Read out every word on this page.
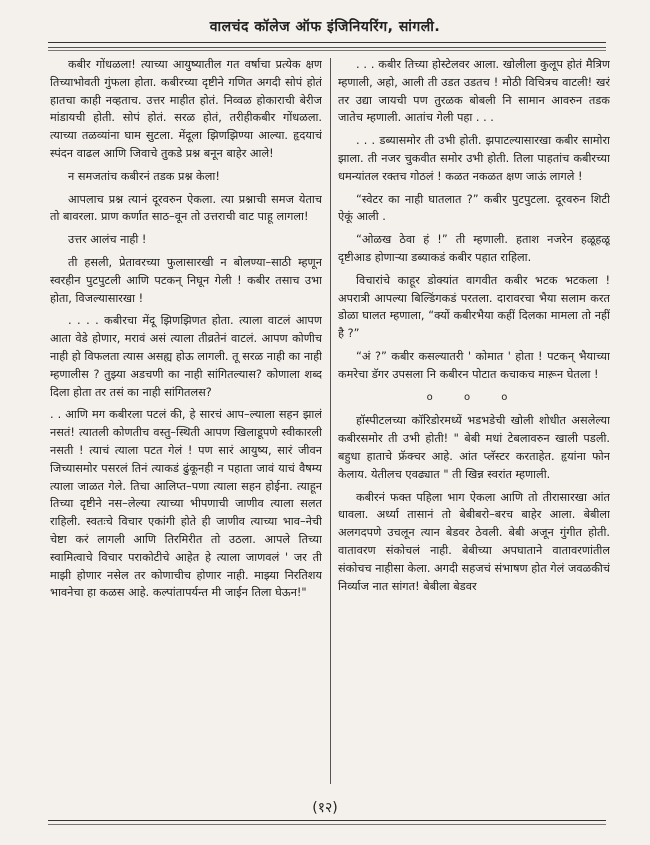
वालचंद कॉलेज ऑफ इंजिनियरिंग, सांगली.

कबीर गोंधळला! त्याच्या आयुष्यातील गत वर्षाचा प्रत्येक क्षण तिच्याभोवती गुंफला होता. कबीरच्या दृष्टीने गणित अगदी सोपं होतं हातचा काही नव्हताच. उत्तर माहीत होतं. निव्वळ होकाराची बेरीज मांडायची होती. सोपं होतं. सरळ होतं, तरीहीकबीर गोंधळला. त्याच्या तळव्यांना घाम सुटला. मेंदूला झिणझिण्या आल्या. हृदयाचं स्पंदन वाढल आणि जिवाचे तुकडे प्रश्न बनून बाहेर आले!

न समजतांच कबीरनं तडक प्रश्न केला!

आपलाच प्रश्न त्यानं दूरवरुन ऐकला. त्या प्रश्नाची समज येताच तो बावरला. प्राण कर्णात साठ–वून तो उत्तराची वाट पाहू लागला!

उत्तर आलंच नाही !

ती हसली, प्रेतावरच्या फुलासारखी न बोलण्या–साठी म्हणून स्वरहीन पुटपुटली आणि पटकन् निघून गेली ! कबीर तसाच उभा होता, विजल्यासारखा !

. . . . कबीरचा मेंदू झिणझिणत होता. त्याला वाटलं आपण आता वेडे होणार, मरावं असं त्याला तीव्रतेनं वाटलं. आपण कोणीच नाही हो विफलता त्यास असह्य होऊ लागली. तू सरळ नाही का नाही म्हणालीस ? तुझ्या अडचणी का नाही सांगितल्यास? कोणाला शब्द दिला होता तर तसं का नाही सांगितलस?

. . आणि मग कबीरला पटलं की, हे सारचं आप–ल्याला सहन झालं नसतं! त्यातली कोणतीच वस्तु–स्थिती आपण खिलाडूपणे स्वीकारली नसती ! त्याचं त्याला पटत गेलं ! पण सारं आयुष्य, सारं जीवन जिच्यासमोर पसरलं तिनं त्याकडं ढुंकूनही न पहाता जावं याचं वैषम्य त्याला जाळत गेले. तिचा आलिप्त–पणा त्याला सहन होईना. त्याहून तिच्या दृष्टीने नस–लेल्या त्याच्या भीपणाची जाणीव त्याला सलत राहिली. स्वतःचे विचार एकांगी होते ही जाणीव त्याच्या भाव–नेची चेष्टा करं लागली आणि तिरमिरीत तो उठला. आपले तिच्या स्वामित्वाचे विचार पराकोटीचे आहेत हे त्याला जाणवलं ' जर ती माझी होणार नसेल तर कोणाचीच होणार नाही. माझ्या निरतिशय भावनेचा हा कळस आहे. कल्पांतापर्यन्त मी जाईन तिला घेऊन!"

. . . कबीर तिच्या होस्टेलवर आला. खोलीला कुलूप होतं मैत्रिण म्हणाली, अहो, आली ती उडत उडतच ! मोठी विचित्रच वाटली! खरं तर उद्या जायची पण तुरळक बोबली नि सामान आवरुन तडक जातेच म्हणाली. आतांच गेली पहा . . .

. . . डब्यासमोर ती उभी होती. झपाटल्यासारखा कबीर सामोरा झाला. ती नजर चुकवीत समोर उभी होती. तिला पाहतांच कबीरच्या धमन्यांतल रक्तच गोठलं ! कळत नकळत क्षण जाऊं लागले !

“स्वेटर का नाही घातलात ?” कबीर पुटपुटला. दूरवरुन शिटी ऐकूं आली .

“ओळख ठेवा हं !” ती म्हणाली. हताश नजरेन हळूहळू दृष्टीआड होणाऱ्या डब्याकडं कबीर पहात राहिला.

विचारांचे काहूर डोक्यांत वागवीत कबीर भटक भटकला ! अपरात्री आपल्या बिल्डिंगकडं परतला. दारावरचा भैया सलाम करत डोळा घालत म्हणाला, “क्यों कबीरभैया कहीं दिलका मामला तो नहीं है ?”

“अं ?” कबीर कसल्यातरी ' कोमात ' होता ! पटकन् भैयाच्या कमरेचा डॅगर उपसला नि कबीरन पोटात कचाकच माऱून घेतला !

o o o

हॉस्पीटलच्या कॉरिडोरमध्यें भडभडेची खोली शोधीत असलेल्या कबीरसमोर ती उभी होती! " बेबी मधां टेबलावरुन खाली पडली. बहुधा हाताचे फ्रॅक्चर आहे. आंत प्लॅस्टर करताहेत. हृयांना फोन केलाय. येतीलच एवढ्यात " ती खिन्न स्वरांत म्हणाली.

कबीरनं फक्त पहिला भाग ऐकला आणि तो तीरासारखा आंत धावला. अर्ध्या तासानं तो बेबीबरो–बरच बाहेर आला. बेबीला अलगदपणे उचलून त्यान बेडवर ठेवली. बेबी अजून गुंगीत होती. वातावरण संकोचलं नाही. बेबीच्या अपघाताने वातावरणांतील संकोचच नाहीसा केला. अगदी सहजचं संभाषण होत गेलं जवळकीचं निर्व्याज नात सांगत! बेबीला बेडवर

(१२)
